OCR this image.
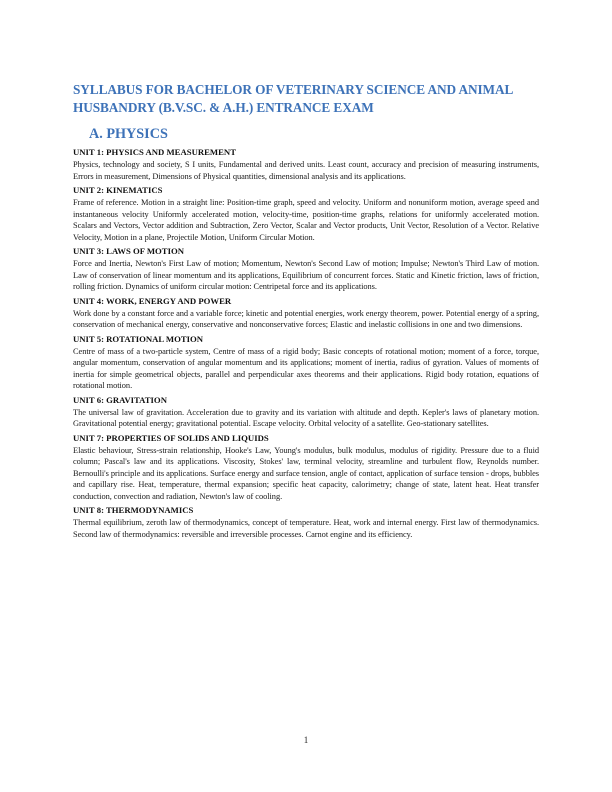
SYLLABUS FOR BACHELOR OF VETERINARY SCIENCE AND ANIMAL HUSBANDRY (B.V.SC. & A.H.) ENTRANCE EXAM
A. PHYSICS
UNIT 1: PHYSICS AND MEASUREMENT

Physics, technology and society, S I units, Fundamental and derived units. Least count, accuracy and precision of measuring instruments, Errors in measurement, Dimensions of Physical quantities, dimensional analysis and its applications.

UNIT 2: KINEMATICS

Frame of reference. Motion in a straight line: Position-time graph, speed and velocity. Uniform and nonuniform motion, average speed and instantaneous velocity Uniformly accelerated motion, velocity-time, position-time graphs, relations for uniformly accelerated motion. Scalars and Vectors, Vector addition and Subtraction, Zero Vector, Scalar and Vector products, Unit Vector, Resolution of a Vector. Relative Velocity, Motion in a plane, Projectile Motion, Uniform Circular Motion.

UNIT 3: LAWS OF MOTION

Force and Inertia, Newton's First Law of motion; Momentum, Newton's Second Law of motion; Impulse; Newton's Third Law of motion. Law of conservation of linear momentum and its applications, Equilibrium of concurrent forces. Static and Kinetic friction, laws of friction, rolling friction. Dynamics of uniform circular motion: Centripetal force and its applications.

UNIT 4: WORK, ENERGY AND POWER

Work done by a constant force and a variable force; kinetic and potential energies, work energy theorem, power. Potential energy of a spring, conservation of mechanical energy, conservative and nonconservative forces; Elastic and inelastic collisions in one and two dimensions.

UNIT 5: ROTATIONAL MOTION

Centre of mass of a two-particle system, Centre of mass of a rigid body; Basic concepts of rotational motion; moment of a force, torque, angular momentum, conservation of angular momentum and its applications; moment of inertia, radius of gyration. Values of moments of inertia for simple geometrical objects, parallel and perpendicular axes theorems and their applications. Rigid body rotation, equations of rotational motion.

UNIT 6: GRAVITATION

The universal law of gravitation. Acceleration due to gravity and its variation with altitude and depth. Kepler's laws of planetary motion. Gravitational potential energy; gravitational potential. Escape velocity. Orbital velocity of a satellite. Geo-stationary satellites.

UNIT 7: PROPERTIES OF SOLIDS AND LIQUIDS

Elastic behaviour, Stress-strain relationship, Hooke's Law, Young's modulus, bulk modulus, modulus of rigidity. Pressure due to a fluid column; Pascal's law and its applications. Viscosity, Stokes' law, terminal velocity, streamline and turbulent flow, Reynolds number. Bernoulli's principle and its applications. Surface energy and surface tension, angle of contact, application of surface tension - drops, bubbles and capillary rise. Heat, temperature, thermal expansion; specific heat capacity, calorimetry; change of state, latent heat. Heat transfer conduction, convection and radiation, Newton's law of cooling.

UNIT 8: THERMODYNAMICS

Thermal equilibrium, zeroth law of thermodynamics, concept of temperature. Heat, work and internal energy. First law of thermodynamics. Second law of thermodynamics: reversible and irreversible processes. Carnot engine and its efficiency.

1
